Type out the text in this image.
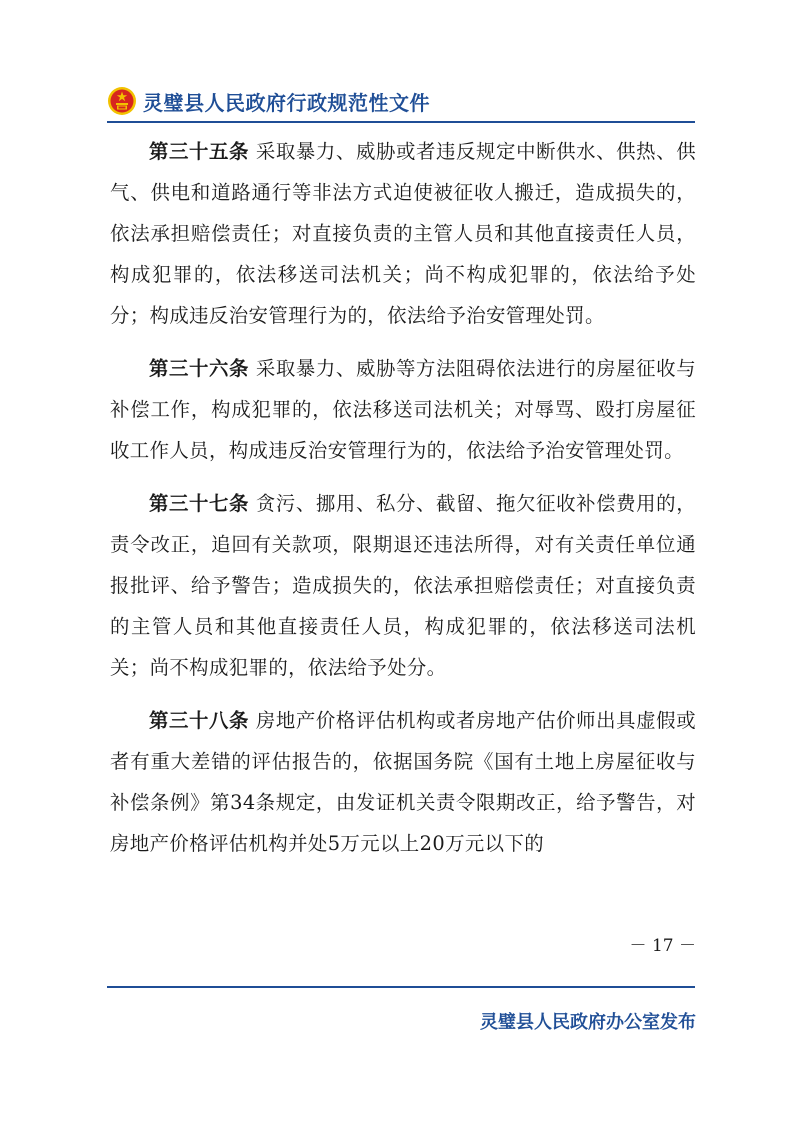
灵璧县人民政府行政规范性文件

第三十五条 采取暴力、威胁或者违反规定中断供水、供热、供气、供电和道路通行等非法方式迫使被征收人搬迁，造成损失的，依法承担赔偿责任；对直接负责的主管人员和其他直接责任人员，构成犯罪的，依法移送司法机关；尚不构成犯罪的，依法给予处分；构成违反治安管理行为的，依法给予治安管理处罚。

第三十六条 采取暴力、威胁等方法阻碍依法进行的房屋征收与补偿工作，构成犯罪的，依法移送司法机关；对辱骂、殴打房屋征收工作人员，构成违反治安管理行为的，依法给予治安管理处罚。

第三十七条 贪污、挪用、私分、截留、拖欠征收补偿费用的，责令改正，追回有关款项，限期退还违法所得，对有关责任单位通报批评、给予警告；造成损失的，依法承担赔偿责任；对直接负责的主管人员和其他直接责任人员，构成犯罪的，依法移送司法机关；尚不构成犯罪的，依法给予处分。

第三十八条 房地产价格评估机构或者房地产估价师出具虚假或者有重大差错的评估报告的，依据国务院《国有土地上房屋征收与补偿条例》第34条规定，由发证机关责令限期改正，给予警告，对房地产价格评估机构并处5万元以上20万元以下的

－ 17 －
灵璧县人民政府办公室发布
